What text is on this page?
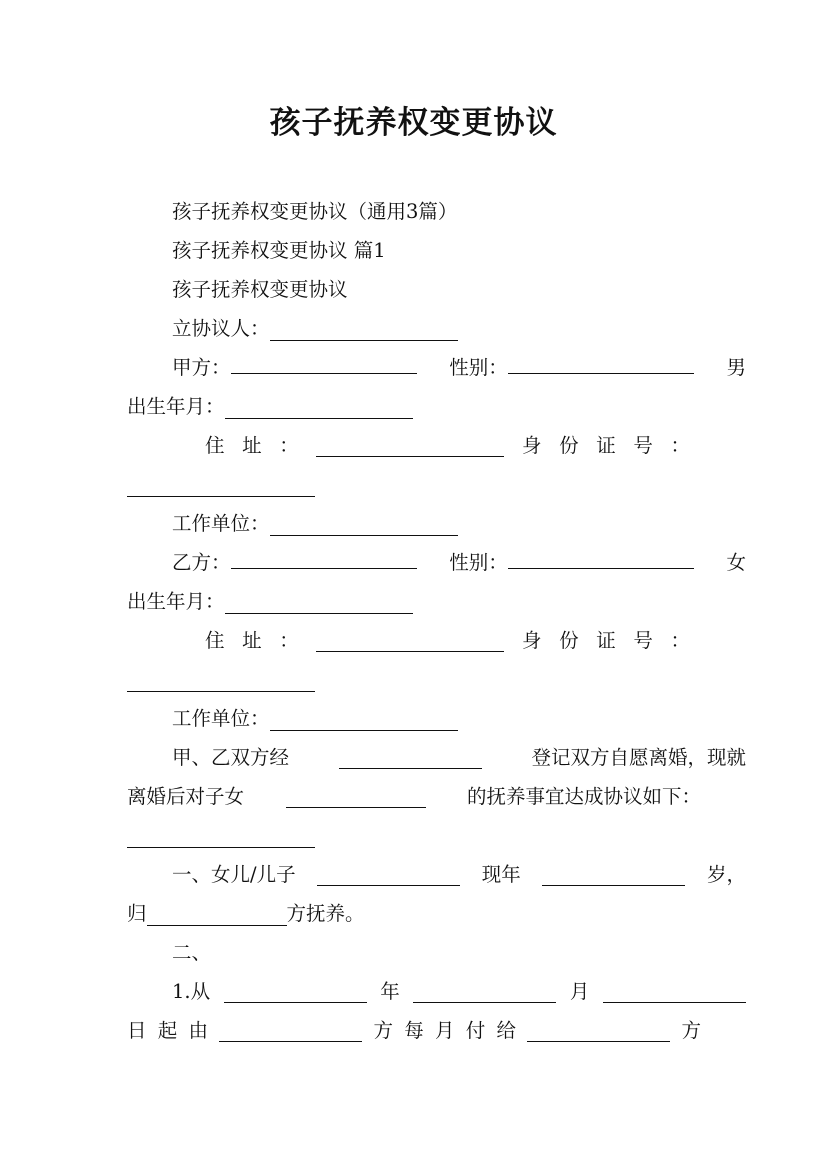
孩子抚养权变更协议
孩子抚养权变更协议（通用3篇）
孩子抚养权变更协议 篇1
孩子抚养权变更协议
立协议人：
甲方：	性别：	男
出生年月：
住 址 ：	身 份 证 号 ：
工作单位：
乙方：	性别：	女
出生年月：
住 址 ：	身 份 证 号 ：
工作单位：
甲、乙双方经	登记双方自愿离婚，现就
离婚后对子女	的抚养事宜达成协议如下：
一、女儿/儿子	现年	岁，
归	方抚养。
二、
1.从	年	月
日 起 由	方 每 月 付 给	方
